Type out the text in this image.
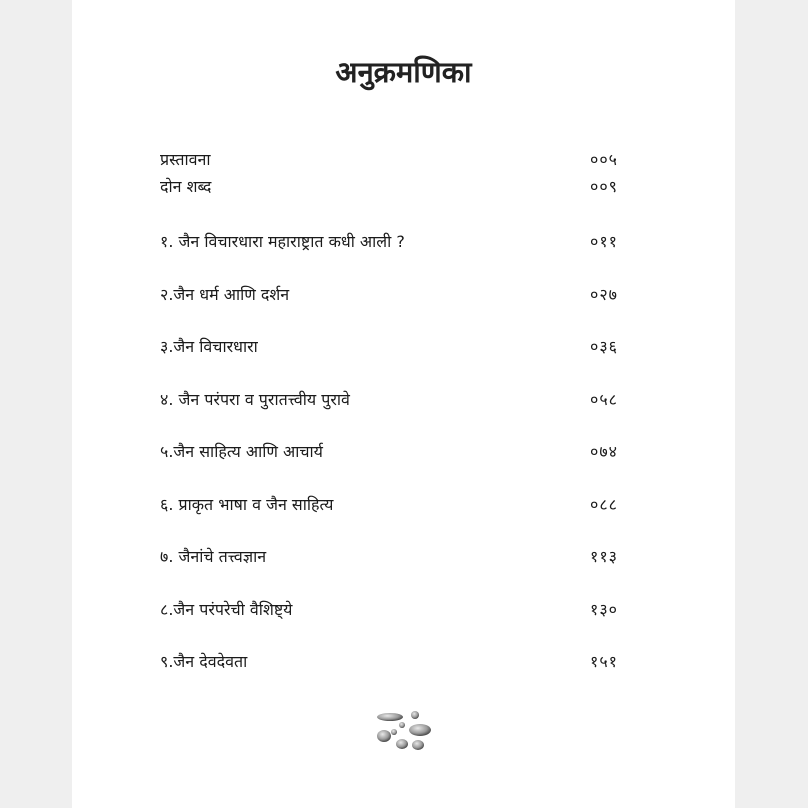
अनुक्रमणिका
प्रस्तावना	००५
दोन शब्द	००९
१. जैन विचारधारा महाराष्ट्रात कधी आली ?	०११
२.जैन धर्म आणि दर्शन	०२७
३.जैन विचारधारा	०३६
४. जैन परंपरा व पुरातत्त्वीय पुरावे	०५८
५.जैन साहित्य आणि आचार्य	०७४
६. प्राकृत भाषा व जैन साहित्य	०८८
७. जैनांचे तत्त्वज्ञान	११३
८.जैन परंपरेची वैशिष्ट्ये	१३०
९.जैन देवदेवता	१५१
